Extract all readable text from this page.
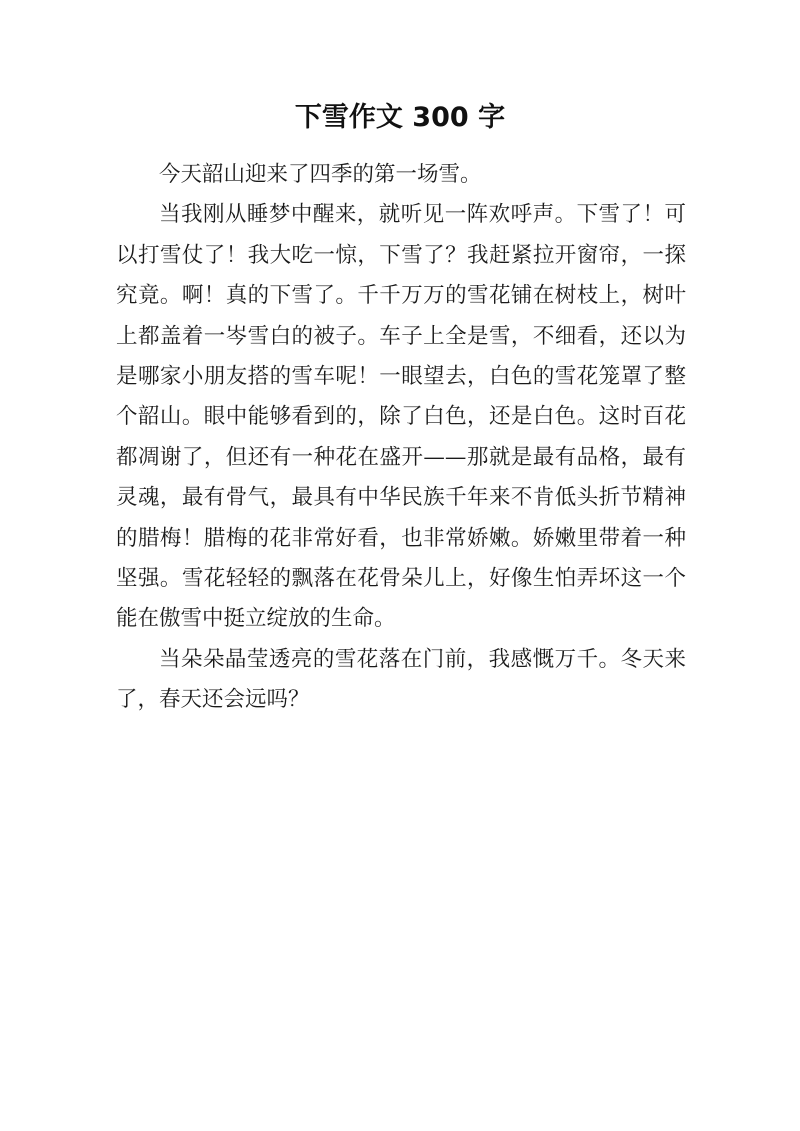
下雪作文 300 字

今天韶山迎来了四季的第一场雪。

当我刚从睡梦中醒来，就听见一阵欢呼声。下雪了！可以打雪仗了！我大吃一惊，下雪了？我赶紧拉开窗帘，一探究竟。啊！真的下雪了。千千万万的雪花铺在树枝上，树叶上都盖着一岑雪白的被子。车子上全是雪，不细看，还以为是哪家小朋友搭的雪车呢！一眼望去，白色的雪花笼罩了整个韶山。眼中能够看到的，除了白色，还是白色。这时百花都凋谢了，但还有一种花在盛开——那就是最有品格，最有灵魂，最有骨气，最具有中华民族千年来不肯低头折节精神的腊梅！腊梅的花非常好看，也非常娇嫩。娇嫩里带着一种坚强。雪花轻轻的飘落在花骨朵儿上，好像生怕弄坏这一个能在傲雪中挺立绽放的生命。

当朵朵晶莹透亮的雪花落在门前，我感慨万千。冬天来了，春天还会远吗？
